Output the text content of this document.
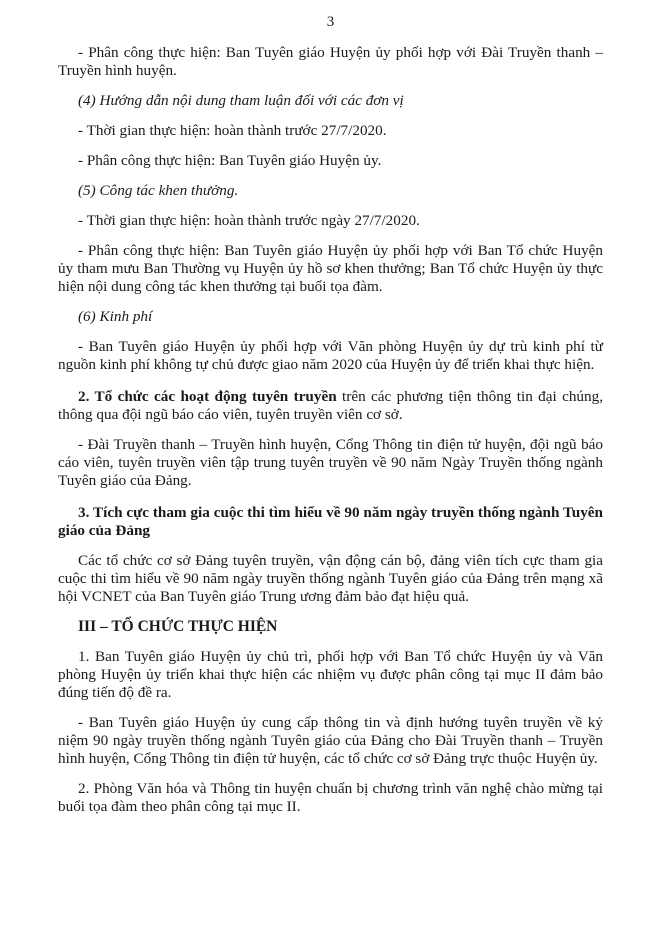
3

- Phân công thực hiện: Ban Tuyên giáo Huyện ủy phối hợp với Đài Truyền thanh – Truyền hình huyện.

(4) Hướng dẫn nội dung tham luận đối với các đơn vị

- Thời gian thực hiện: hoàn thành trước 27/7/2020.

- Phân công thực hiện: Ban Tuyên giáo Huyện ủy.

(5) Công tác khen thưởng.

- Thời gian thực hiện: hoàn thành trước ngày 27/7/2020.

- Phân công thực hiện: Ban Tuyên giáo Huyện ủy phối hợp với Ban Tổ chức Huyện ủy tham mưu Ban Thường vụ Huyện ủy hồ sơ khen thưởng; Ban Tổ chức Huyện ủy thực hiện nội dung công tác khen thưởng tại buổi tọa đàm.

(6) Kinh phí

- Ban Tuyên giáo Huyện ủy phối hợp với Văn phòng Huyện ủy dự trù kinh phí từ nguồn kinh phí không tự chủ được giao năm 2020 của Huyện ủy để triển khai thực hiện.

2. Tổ chức các hoạt động tuyên truyền trên các phương tiện thông tin đại chúng, thông qua đội ngũ báo cáo viên, tuyên truyền viên cơ sở.

- Đài Truyền thanh – Truyền hình huyện, Cổng Thông tin điện tử huyện, đội ngũ báo cáo viên, tuyên truyền viên tập trung tuyên truyền về 90 năm Ngày Truyền thống ngành Tuyên giáo của Đảng.

3. Tích cực tham gia cuộc thi tìm hiểu về 90 năm ngày truyền thống ngành Tuyên giáo của Đảng

Các tổ chức cơ sở Đảng tuyên truyền, vận động cán bộ, đảng viên tích cực tham gia cuộc thi tìm hiểu về 90 năm ngày truyền thống ngành Tuyên giáo của Đảng trên mạng xã hội VCNET của Ban Tuyên giáo Trung ương đảm bảo đạt hiệu quả.

III – TỔ CHỨC THỰC HIỆN

1. Ban Tuyên giáo Huyện ủy chủ trì, phối hợp với Ban Tổ chức Huyện ủy và Văn phòng Huyện ủy triển khai thực hiện các nhiệm vụ được phân công tại mục II đảm bảo đúng tiến độ đề ra.

- Ban Tuyên giáo Huyện ủy cung cấp thông tin và định hướng tuyên truyền về kỷ niệm 90 ngày truyền thống ngành Tuyên giáo của Đảng cho Đài Truyền thanh – Truyền hình huyện, Cổng Thông tin điện tử huyện, các tổ chức cơ sở Đảng trực thuộc Huyện ủy.

2. Phòng Văn hóa và Thông tin huyện chuẩn bị chương trình văn nghệ chào mừng tại buổi tọa đàm theo phân công tại mục II.
